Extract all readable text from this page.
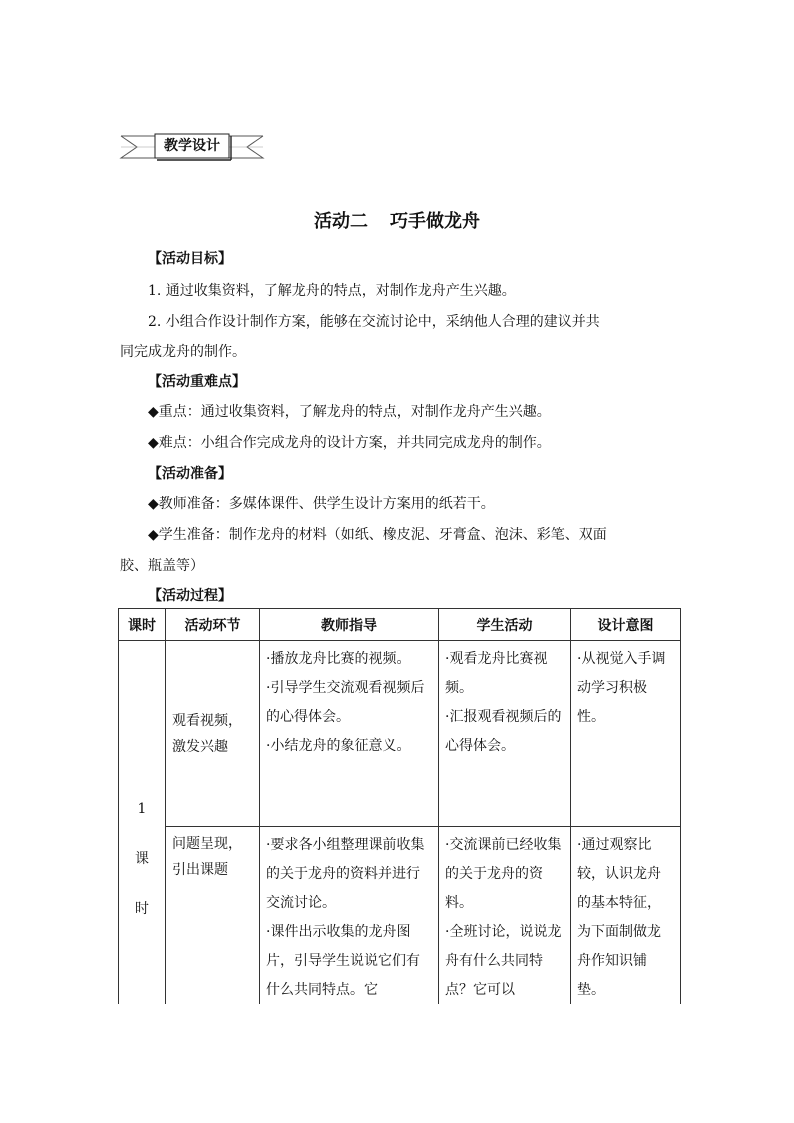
教学设计
活动二 巧手做龙舟
【活动目标】
1. 通过收集资料，了解龙舟的特点，对制作龙舟产生兴趣。
2. 小组合作设计制作方案，能够在交流讨论中，采纳他人合理的建议并共
同完成龙舟的制作。
【活动重难点】
◆重点：通过收集资料，了解龙舟的特点，对制作龙舟产生兴趣。
◆难点：小组合作完成龙舟的设计方案，并共同完成龙舟的制作。
【活动准备】
◆教师准备：多媒体课件、供学生设计方案用的纸若干。
◆学生准备：制作龙舟的材料（如纸、橡皮泥、牙膏盒、泡沫、彩笔、双面
胶、瓶盖等）
【活动过程】
课时	活动环节	教师指导	学生活动	设计意图
1
课
时	观看视频，激发兴趣	·播放龙舟比赛的视频。
·引导学生交流观看视频后的心得体会。
·小结龙舟的象征意义。	·观看龙舟比赛视频。
·汇报观看视频后的心得体会。	·从视觉入手调动学习积极性。

	问题呈现，引出课题	·要求各小组整理课前收集的关于龙舟的资料并进行交流讨论。
·课件出示收集的龙舟图片，引导学生说说它们有什么共同特点。它	·交流课前已经收集的关于龙舟的资料。
·全班讨论，说说龙舟有什么共同特点？它可以	·通过观察比较，认识龙舟的基本特征，为下面制做龙舟作知识铺垫。
